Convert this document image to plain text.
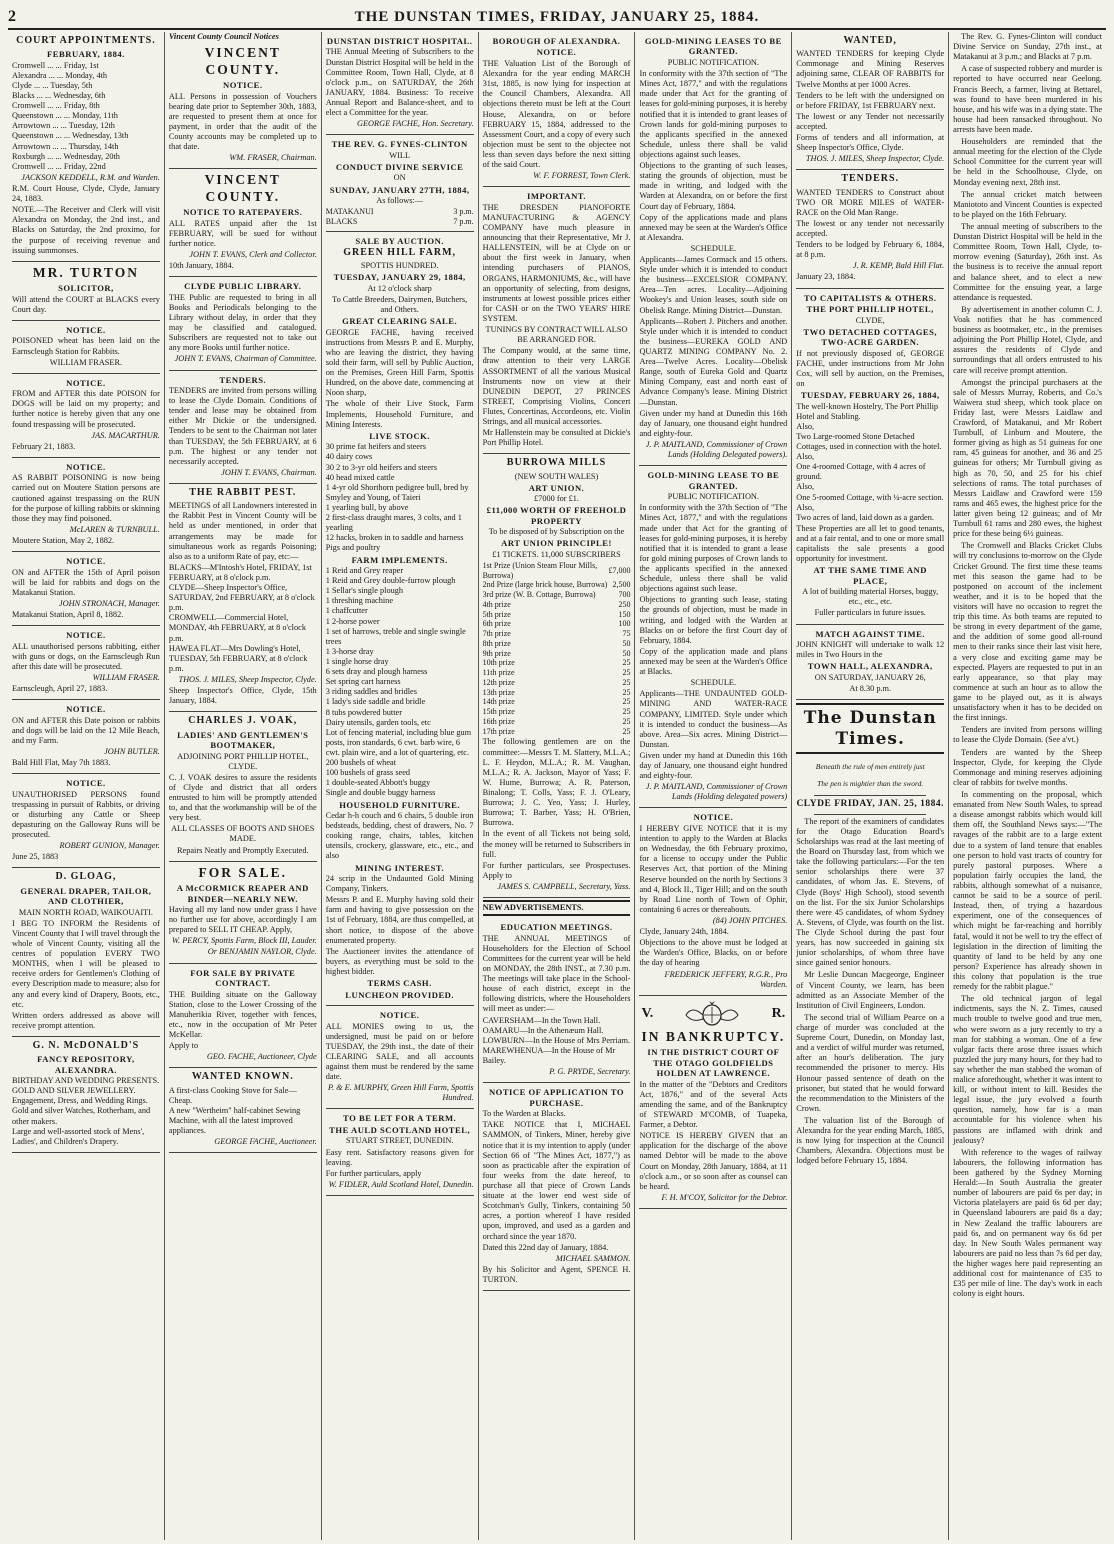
2	THE DUNSTAN TIMES, FRIDAY, JANUARY 25, 1884.
COURT APPOINTMENTS.
FEBRUARY, 1884.
Cromwell ... ... Friday, 1st
Alexandra ... ... Monday, 4th
Clyde ... ... Tuesday, 5th
Blacks ... ... Wednesday, 6th
Cromwell ... ... Friday, 8th
Queenstown ... ... Monday, 11th
Arrowtown ... ... Tuesday, 12th
Queenstown ... ... Wednesday, 13th
Arrowtown ... ... Thursday, 14th
Roxburgh ... ... Wednesday, 20th
Cromwell ... ... Friday, 22nd

JACKSON KEDDELL, R.M. and Warden.

R.M. Court House, Clyde, Clyde, January 24, 1883.

NOTE.—The Receiver and Clerk will visit Alexandra on Monday, the 2nd inst., and Blacks on Saturday, the 2nd proximo, for the purpose of receiving revenue and issuing summonses.

MR. TURTON
SOLICITOR,

Will attend the COURT at BLACKS every Court day.

NOTICE.

POISONED wheat has been laid on the Earnscleugh Station for Rabbits.

WILLIAM FRASER.

NOTICE.

FROM and AFTER this date POISON for DOGS will be laid on my property; and further notice is hereby given that any one found trespassing will be prosecuted.

JAS. MACARTHUR.

February 21, 1883.

NOTICE.

AS RABBIT POISONING is now being carried out on Moutere Station persons are cautioned against trespassing on the RUN for the purpose of killing rabbits or skinning those they may find poisoned.

McLAREN & TURNBULL.

Moutere Station, May 2, 1882.

NOTICE.

ON and AFTER the 15th of April poison will be laid for rabbits and dogs on the Matakanui Station.

JOHN STRONACH, Manager.

Matakanui Station, April 8, 1882.

NOTICE.

ALL unauthorised persons rabbiting, either with guns or dogs, on the Earnscleugh Run after this date will be prosecuted.

WILLIAM FRASER.

Earnscleugh, April 27, 1883.

NOTICE.

ON and AFTER this Date poison or rabbits and dogs will be laid on the 12 Mile Beach, and my Farm.

JOHN BUTLER.

Bald Hill Flat, May 7th 1883.

NOTICE.

UNAUTHORISED PERSONS found trespassing in pursuit of Rabbits, or driving or disturbing any Cattle or Sheep depasturing on the Galloway Runs will be prosecuted.

ROBERT GUNION, Manager.

June 25, 1883

D. GLOAG,
GENERAL DRAPER, TAILOR, AND CLOTHIER,

MAIN NORTH ROAD, WAIKOUAITI.

I BEG TO INFORM the Residents of Vincent County that I will travel through the whole of Vincent County, visiting all the centres of population EVERY TWO MONTHS, when I will be pleased to receive orders for Gentlemen's Clothing of every Description made to measure; also for any and every kind of Drapery, Boots, etc., etc.

Written orders addressed as above will receive prompt attention.

G. N. McDONALD'S
FANCY REPOSITORY, ALEXANDRA.
BIRTHDAY AND WEDDING PRESENTS.
GOLD AND SILVER JEWELLERY.
Engagement, Dress, and Wedding Rings.
Gold and silver Watches, Rotherham, and other makers.
Large and well-assorted stock of Mens', Ladies', and Children's Drapery.

Vincent County Council Notices

VINCENT COUNTY.
NOTICE.

ALL Persons in possession of Vouchers bearing date prior to September 30th, 1883, are requested to present them at once for payment, in order that the audit of the County accounts may be completed up to that date.

WM. FRASER, Chairman.

VINCENT COUNTY.
NOTICE TO RATEPAYERS.

ALL RATES unpaid after the 1st FEBRUARY, will be sued for without further notice.

JOHN T. EVANS, Clerk and Collector.

10th January, 1884.

CLYDE PUBLIC LIBRARY.

THE Public are requested to bring in all Books and Periodicals belonging to the Library without delay, in order that they may be classified and catalogued. Subscribers are requested not to take out any more Books until further notice.

JOHN T. EVANS, Chairman of Committee.

TENDERS.

TENDERS are invited from persons willing to lease the Clyde Domain. Conditions of tender and lease may be obtained from either Mr Dickie or the undersigned. Tenders to be sent to the Chairman not later than TUESDAY, the 5th FEBRUARY, at 6 p.m. The highest or any tender not necessarily accepted.

JOHN T. EVANS, Chairman.

THE RABBIT PEST.

MEETINGS of all Landowners interested in the Rabbit Pest in Vincent County will be held as under mentioned, in order that arrangements may be made for simultaneous work as regards Poisoning; also as to a uniform Rate of pay, etc:—

BLACKS—M'Intosh's Hotel, FRIDAY, 1st FEBRUARY, at 8 o'clock p.m.
CLYDE—Sheep Inspector's Office, SATURDAY, 2nd FEBRUARY, at 8 o'clock p.m.
CROMWELL—Commercial Hotel, MONDAY, 4th FEBRUARY, at 8 o'clock p.m.
HAWEA FLAT—Mrs Dowling's Hotel, TUESDAY, 5th FEBRUARY, at 8 o'clock p.m.

THOS. J. MILES, Sheep Inspector, Clyde.

Sheep Inspector's Office, Clyde, 15th January, 1884.

CHARLES J. VOAK,
LADIES' AND GENTLEMEN'S BOOTMAKER,

ADJOINING PORT PHILLIP HOTEL, CLYDE.

C. J. VOAK desires to assure the residents of Clyde and district that all orders entrusted to him will be promptly attended to, and that the workmanship will be of the very best.

ALL CLASSES OF BOOTS AND SHOES MADE.

Repairs Neatly and Promptly Executed.

FOR SALE.
A McCORMICK REAPER AND BINDER—NEARLY NEW.

Having all my land now under grass I have no further use for above, accordingly I am prepared to SELL IT CHEAP. Apply,

W. PERCY, Spottis Farm, Block III, Lauder.

Or BENJAMIN NAYLOR, Clyde.

FOR SALE BY PRIVATE CONTRACT.

THE Building situate on the Galloway Station, close to the Lower Crossing of the Manuherikia River, together with fences, etc., now in the occupation of Mr Peter McKellar.

Apply to

GEO. FACHE, Auctioneer, Clyde

WANTED KNOWN.
A first-class Cooking Stove for Sale—Cheap.
A new "Wertheim" half-cabinet Sewing Machine, with all the latest improved appliances.

GEORGE FACHE, Auctioneer.

DUNSTAN DISTRICT HOSPITAL.

THE Annual Meeting of Subscribers to the Dunstan District Hospital will be held in the Committee Room, Town Hall, Clyde, at 8 o'clock p.m., on SATURDAY, the 26th JANUARY, 1884. Business: To receive Annual Report and Balance-sheet, and to elect a Committee for the year.

GEORGE FACHE, Hon. Secretary.

THE REV. G. FYNES-CLINTON

WILL

CONDUCT DIVINE SERVICE

ON

SUNDAY, JANUARY 27TH, 1884,

As follows:—

MATAKANUI	3 p.m.
BLACKS	7 p.m.
SALE BY AUCTION.
GREEN HILL FARM,

SPOTTIS HUNDRED.

TUESDAY, JANUARY 29, 1884,

At 12 o'clock sharp

To Cattle Breeders, Dairymen, Butchers, and Others.

GREAT CLEARING SALE.

GEORGE FACHE, having received instructions from Messrs P. and E. Murphy, who are leaving the district, they having sold their farm, will sell by Public Auction, on the Premises, Green Hill Farm, Spottis Hundred, on the above date, commencing at Noon sharp,

The whole of their Live Stock, Farm Implements, Household Furniture, and Mining Interests.

LIVE STOCK.
30 prime fat heifers and steers
40 dairy cows
30 2 to 3-yr old heifers and steers
40 head mixed cattle
1 4-yr old Shorthorn pedigree bull, bred by Smyley and Young, of Taieri
1 yearling bull, by above
2 first-class draught mares, 3 colts, and 1 yearling
12 hacks, broken in to saddle and harness
Pigs and poultry
FARM IMPLEMENTS.
1 Reid and Grey reaper
1 Reid and Grey double-furrow plough
1 Sellar's single plough
1 threshing machine
1 chaffcutter
1 2-horse power
1 set of harrows, treble and single swingle trees
1 3-horse dray
1 single horse dray
6 sets dray and plough harness
Set spring cart harness
3 riding saddles and bridles
1 lady's side saddle and bridle
8 tubs powdered butter
Dairy utensils, garden tools, etc
Lot of fencing material, including blue gum posts, iron standards, 6 cwt. barb wire, 6 cwt. plain wire, and a lot of quartering, etc.
200 bushels of wheat
100 bushels of grass seed
1 double-seated Abbott's buggy
Single and double buggy harness
HOUSEHOLD FURNITURE.

Cedar h-h couch and 6 chairs, 5 double iron bedsteads, bedding, chest of drawers, No. 7 cooking range, chairs, tables, kitchen utensils, crockery, glassware, etc., etc., and also

MINING INTEREST.

24 scrip in the Undaunted Gold Mining Company, Tinkers.

Messrs P. and E. Murphy having sold their farm and having to give possession on the 1st of February, 1884, are thus compelled, at short notice, to dispose of the above enumerated property.

The Auctioneer invites the attendance of buyers, as everything must be sold to the highest bidder.

TERMS CASH.
LUNCHEON PROVIDED.
NOTICE.

ALL MONIES owing to us, the undersigned, must be paid on or before TUESDAY, the 29th inst., the date of their CLEARING SALE, and all accounts against them must be rendered by the same date.

P. & E. MURPHY, Green Hill Farm, Spottis Hundred.

TO BE LET FOR A TERM.
THE AULD SCOTLAND HOTEL,

STUART STREET, DUNEDIN.

Easy rent. Satisfactory reasons given for leaving.

For further particulars, apply

W. FIDLER, Auld Scotland Hotel, Dunedin.

BOROUGH OF ALEXANDRA.
NOTICE.

THE Valuation List of the Borough of Alexandra for the year ending MARCH 31st, 1885, is now lying for inspection at the Council Chambers, Alexandra. All objections thereto must be left at the Court House, Alexandra, on or before FEBRUARY 15, 1884, addressed to the Assessment Court, and a copy of every such objection must be sent to the objectee not less than seven days before the next sitting of the said Court.

W. F. FORREST, Town Clerk.

IMPORTANT.

THE DRESDEN PIANOFORTE MANUFACTURING & AGENCY COMPANY have much pleasure in announcing that their Representative, Mr J. HALLENSTEIN, will be at Clyde on or about the first week in January, when intending purchasers of PIANOS, ORGANS, HARMONIUMS, &c., will have an opportunity of selecting, from designs, instruments at lowest possible prices either for CASH or on the TWO YEARS' HIRE SYSTEM.

TUNINGS BY CONTRACT WILL ALSO BE ARRANGED FOR.

The Company would, at the same time, draw attention to their very LARGE ASSORTMENT of all the various Musical Instruments now on view at their DUNEDIN DEPOT, 27 PRINCES STREET, Comprising Violins, Concert Flutes, Concertinas, Accordeons, etc. Violin Strings, and all musical accessories.

Mr Hallenstein may be consulted at Dickie's Port Phillip Hotel.

BURROWA MILLS

(NEW SOUTH WALES)

ART UNION.

£7000 for £1.

£11,000 WORTH OF FREEHOLD PROPERTY

To be disposed of by Subscription on the

ART UNION PRINCIPLE!

£1 TICKETS. 11,000 SUBSCRIBERS

1st Prize (Union Steam Flour Mills, Burrowa)	£7,000
2nd Prize (large brick house, Burrowa)	2,500
3rd prize (W. B. Cottage, Burrowa)	700
4th prize	250
5th prize	150
6th prize	100
7th prize	75
8th prize	50
9th prize	50
10th prize	25
11th prize	25
12th prize	25
13th prize	25
14th prize	25
15th prize	25
16th prize	25
17th prize	25

The following gentlemen are on the committee:—Messrs T. M. Slattery, M.L.A.; L. F. Heydon, M.L.A.; R. M. Vaughan, M.L.A.; R. A. Jackson, Mayor of Yass; F. W. Hume, Burrowa; A. R. Paterson, Binalong; T. Colls, Yass; F. J. O'Leary, Burrowa; J. C. Yeo, Yass; J. Hurley, Burrowa; T. Barber, Yass; H. O'Brien, Burrowa.

In the event of all Tickets not being sold, the money will be returned to Subscribers in full.

For further particulars, see Prospectuses. Apply to

JAMES S. CAMPBELL, Secretary, Yass.

NEW ADVERTISEMENTS.

EDUCATION MEETINGS.

THE ANNUAL MEETINGS of Householders for the Election of School Committees for the current year will be held on MONDAY, the 28th INST., at 7.30 p.m. The meetings will take place in the School-house of each district, except in the following districts, where the Householders will meet as under:—

CAVERSHAM—In the Town Hall.
OAMARU—In the Athenæum Hall.
LOWBURN—In the House of Mrs Perriam.
MAREWHENUA—In the House of Mr Bailey.

P. G. PRYDE, Secretary.

NOTICE OF APPLICATION TO PURCHASE.

To the Warden at Blacks.

TAKE NOTICE that I, MICHAEL SAMMON, of Tinkers, Miner, hereby give notice that it is my intention to apply (under Section 66 of "The Mines Act, 1877,") as soon as practicable after the expiration of four weeks from the date hereof, to purchase all that piece of Crown Lands situate at the lower end west side of Scotchman's Gully, Tinkers, containing 50 acres, a portion whereof I have resided upon, improved, and used as a garden and orchard since the year 1870.

Dated this 22nd day of January, 1884.

MICHAEL SAMMON.

By his Solicitor and Agent, SPENCE H. TURTON.

GOLD-MINING LEASES TO BE GRANTED.

PUBLIC NOTIFICATION.

In conformity with the 37th section of "The Mines Act, 1877," and with the regulations made under that Act for the granting of leases for gold-mining purposes, it is hereby notified that it is intended to grant leases of Crown lands for gold-mining purposes to the applicants specified in the annexed Schedule, unless there shall be valid objections against such leases.

Objections to the granting of such leases, stating the grounds of objection, must be made in writing, and lodged with the Warden at Alexandra, on or before the first Court day of February, 1884.

Copy of the applications made and plans annexed may be seen at the Warden's Office at Alexandra.

SCHEDULE.

Applicants—James Cormack and 15 others. Style under which it is intended to conduct the business—EXCELSIOR COMPANY. Area—Ten acres. Locality—Adjoining Wookey's and Union leases, south side on Obelisk Range. Mining District—Dunstan.

Applicants—Robert J. Pitchers and another. Style under which it is intended to conduct the business—EUREKA GOLD AND QUARTZ MINING COMPANY No. 2. Area—Twelve Acres. Locality—Obelisk Range, south of Eureka Gold and Quartz Mining Company, east and north east of Advance Company's lease. Mining District—Dunstan.

Given under my hand at Dunedin this 16th day of January, one thousand eight hundred and eighty-four.

J. P. MAITLAND, Commissioner of Crown Lands (Holding Delegated powers).

GOLD-MINING LEASE TO BE GRANTED.

PUBLIC NOTIFICATION.

In conformity with the 37th Section of "The Mines Act, 1877," and with the regulations made under that Act for the granting of leases for gold-mining purposes, it is hereby notified that it is intended to grant a lease for gold mining purposes of Crown lands to the applicants specified in the annexed Schedule, unless there shall be valid objections against such lease.

Objections to granting such lease, stating the grounds of objection, must be made in writing, and lodged with the Warden at Blacks on or before the first Court day of February, 1884.

Copy of the application made and plans annexed may be seen at the Warden's Office at Blacks.

SCHEDULE.

Applicants—THE UNDAUNTED GOLD-MINING AND WATER-RACE COMPANY, LIMITED. Style under which it is intended to conduct the business—As above. Area—Six acres. Mining District—Dunstan.

Given under my hand at Dunedin this 16th day of January, one thousand eight hundred and eighty-four.

J. P. MAITLAND, Commissioner of Crown Lands (Holding delegated powers)

NOTICE.

I HEREBY GIVE NOTICE that it is my intention to apply to the Warden at Blacks on Wednesday, the 6th February proximo, for a license to occupy under the Public Reserves Act, that portion of the Mining Reserve bounded on the north by Sections 3 and 4, Block II., Tiger Hill; and on the south by Road Line north of Town of Ophir, containing 6 acres or thereabouts.

(84) JOHN PITCHES.

Clyde, January 24th, 1884.

Objections to the above must be lodged at the Warden's Office, Blacks, on or before the day of hearing

FREDERICK JEFFERY, R.G.R., Pro Warden.

V.	R.
IN BANKRUPTCY.
IN THE DISTRICT COURT OF THE OTAGO GOLDFIELDS HOLDEN AT LAWRENCE.

In the matter of the "Debtors and Creditors Act, 1876," and of the several Acts amending the same, and of the Bankruptcy of STEWARD M'COMB, of Tuapeka, Farmer, a Debtor.

NOTICE IS HEREBY GIVEN that an application for the discharge of the above named Debtor will be made to the above Court on Monday, 28th January, 1884, at 11 o'clock a.m., or so soon after as counsel can be heard.

F. H. M'COY, Solicitor for the Debtor.

WANTED,

WANTED TENDERS for keeping Clyde Commonage and Mining Reserves adjoining same, CLEAR OF RABBITS for Twelve Months at per 1000 Acres.

Tenders to be left with the undersigned on or before FRIDAY, 1st FEBRUARY next.

The lowest or any Tender not necessarily accepted.

Forms of tenders and all information, at Sheep Inspector's Office, Clyde.

THOS. J. MILES, Sheep Inspector, Clyde.

TENDERS.

WANTED TENDERS to Construct about TWO OR MORE MILES of WATER-RACE on the Old Man Range.

The lowest or any tender not necessarily accepted.

Tenders to be lodged by February 6, 1884, at 8 p.m.

J. R. KEMP, Bald Hill Flat.

January 23, 1884.

TO CAPITALISTS & OTHERS.
THE PORT PHILLIP HOTEL,

CLYDE,

TWO DETACHED COTTAGES, TWO-ACRE GARDEN.

If not previously disposed of, GEORGE FACHE, under instructions from Mr John Cox, will sell by auction, on the Premises, on

TUESDAY, FEBRUARY 26, 1884,
The well-known Hostelry, The Port Phillip Hotel and Stabling.
Also,
Two Large-roomed Stone Detached Cottages, used in connection with the hotel.
Also,
One 4-roomed Cottage, with 4 acres of ground.
Also,
One 5-roomed Cottage, with ¼-acre section.
Also,
Two acres of land, laid down as a garden.

These Properties are all let to good tenants, and at a fair rental, and to one or more small capitalists the sale presents a good opportunity for investment.

AT THE SAME TIME AND PLACE,

A lot of building material Horses, buggy, etc., etc., etc.

Fuller particulars in future issues.

MATCH AGAINST TIME.

JOHN KNIGHT will undertake to walk 12 miles in Two Hours in the

TOWN HALL, ALEXANDRA,

ON SATURDAY, JANUARY 26,

At 8.30 p.m.

The Dunstan Times.

Beneath the rule of men entirely just

The pen is mightier than the sword.

CLYDE FRIDAY, JAN. 25, 1884.

The report of the examiners of candidates for the Otago Education Board's Scholarships was read at the last meeting of the Board on Thursday last, from which we take the following particulars:—For the ten senior scholarships there were 37 candidates, of whom Jas. E. Stevens, of Clyde (Boys' High School), stood seventh on the list. For the six Junior Scholarships there were 45 candidates, of whom Sydney A. Stevens, of Clyde, was fourth on the list. The Clyde School during the past four years, has now succeeded in gaining six junior scholarships, of whom three have since gained senior honours.

Mr Leslie Duncan Macgeorge, Engineer of Vincent County, we learn, has been admitted as an Associate Member of the Institution of Civil Engineers, London.

The second trial of William Pearce on a charge of murder was concluded at the Supreme Court, Dunedin, on Monday last, and a verdict of wilful murder was returned, after an hour's deliberation. The jury recommended the prisoner to mercy. His Honour passed sentence of death on the prisoner, but stated that he would forward the recommendation to the Ministers of the Crown.

The valuation list of the Borough of Alexandra for the year ending March, 1885, is now lying for inspection at the Council Chambers, Alexandra. Objections must be lodged before February 15, 1884.

The Rev. G. Fynes-Clinton will conduct Divine Service on Sunday, 27th inst., at Matakanui at 3 p.m.; and Blacks at 7 p.m.

A case of suspected robbery and murder is reported to have occurred near Geelong. Francis Beech, a farmer, living at Bettarel, was found to have been murdered in his house, and his wife was in a dying state. The house had been ransacked throughout. No arrests have been made.

Householders are reminded that the annual meeting for the election of the Clyde School Committee for the current year will be held in the Schoolhouse, Clyde, on Monday evening next, 28th inst.

The annual cricket match between Maniototo and Vincent Counties is expected to be played on the 16th February.

The annual meeting of subscribers to the Dunstan District Hospital will be held in the Committee Room, Town Hall, Clyde, to-morrow evening (Saturday), 26th inst. As the business is to receive the annual report and balance sheet, and to elect a new Committee for the ensuing year, a large attendance is requested.

By advertisement in another column C. J. Voak notifies that he has commenced business as bootmaker, etc., in the premises adjoining the Port Phillip Hotel, Clyde, and assures the residents of Clyde and surroundings that all orders entrusted to his care will receive prompt attention.

Amongst the principal purchasers at the sale of Messrs Murray, Roberts, and Co.'s Waiwera stud sheep, which took place on Friday last, were Messrs Laidlaw and Crawford, of Matakanui, and Mr Robert Turnbull, of Linburn and Moutere, the former giving as high as 51 guineas for one ram, 45 guineas for another, and 36 and 25 guineas for others; Mr Turnbull giving as high as 70, 50, and 25 for his chief selections of rams. The total purchases of Messrs Laidlaw and Crawford were 159 rams and 465 ewes, the highest price for the latter given being 12 guineas; and of Mr Turnbull 61 rams and 280 ewes, the highest price for these being 6½ guineas.

The Cromwell and Blacks Cricket Clubs will try conclusions to-morrow on the Clyde Cricket Ground. The first time these teams met this season the game had to be postponed on account of the inclement weather, and it is to be hoped that the visitors will have no occasion to regret the trip this time. As both teams are reputed to be strong in every department of the game, and the addition of some good all-round men to their ranks since their last visit here, a very close and exciting game may be expected. Players are requested to put in an early appearance, so that play may commence at such an hour as to allow the game to be played out, as it is always unsatisfactory when it has to be decided on the first innings.

Tenders are invited from persons willing to lease the Clyde Domain. (See a'vt.)

Tenders are wanted by the Sheep Inspector, Clyde, for keeping the Clyde Commonage and mining reserves adjoining clear of rabbits for twelve months.

In commenting on the proposal, which emanated from New South Wales, to spread a disease amongst rabbits which would kill them off, the Southland News says:—"The ravages of the rabbit are to a large extent due to a system of land tenure that enables one person to hold vast tracts of country for purely pastoral purposes. Where a population fairly occupies the land, the rabbits, although somewhat of a nuisance, cannot be said to be a source of peril. Instead, then, of trying a hazardous experiment, one of the consequences of which might be far-reaching and horribly fatal, would it not be well to try the effect of legislation in the direction of limiting the quantity of land to be held by any one person? Experience has already shown in this colony that population is the true remedy for the rabbit plague."

The old technical jargon of legal indictments, says the N. Z. Times, caused much trouble to twelve good and true men, who were sworn as a jury recently to try a man for stabbing a woman. One of a few vulgar facts there arose three issues which puzzled the jury many hours, for they had to say whether the man stabbed the woman of malice aforethought, whether it was intent to kill, or without intent to kill. Besides the legal issue, the jury evolved a fourth question, namely, how far is a man accountable for his violence when his passions are inflamed with drink and jealousy?

With reference to the wages of railway labourers, the following information has been gathered by the Sydney Morning Herald:—In South Australia the greater number of labourers are paid 6s per day; in Victoria platelayers are paid 6s 6d per day; in Queensland labourers are paid 8s a day; in New Zealand the traffic labourers are paid 6s, and on permanent way 6s 6d per day. In New South Wales permanent way labourers are paid no less than 7s 6d per day, the higher wages here paid representing an additional cost for maintenance of £35 to £35 per mile of line. The day's work in each colony is eight hours.
